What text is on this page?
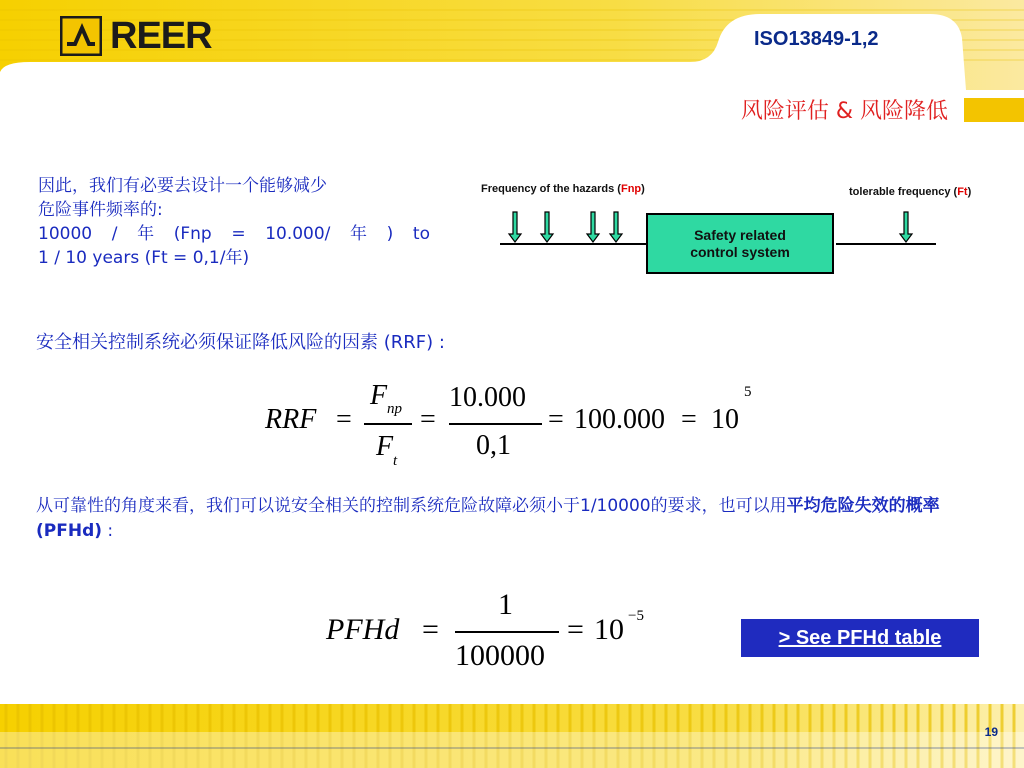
REER	ISO13849-1,2
风险评估 & 风险降低
因此，我们有必要去设计一个能够减少
危险事件频率的:
10000 / 年 (Fnp = 10.000/ 年 ) to
1 / 10 years (Ft = 0,1/年)
Frequency of the hazards (Fnp)	tolerable frequency (Ft)
Safety related
control system
安全相关控制系统必须保证降低风险的因素 (RRF) :
RRF =
F np
F t
=
10.000
0,1
= 100.000 = 10
5
从可靠性的角度来看，我们可以说安全相关的控制系统危险故障必须小于1/10000的要求，也可以用平均危险失效的概率 (PFHd) :
PFHd =
1
100000
= 10 −5
> See PFHd table
19
